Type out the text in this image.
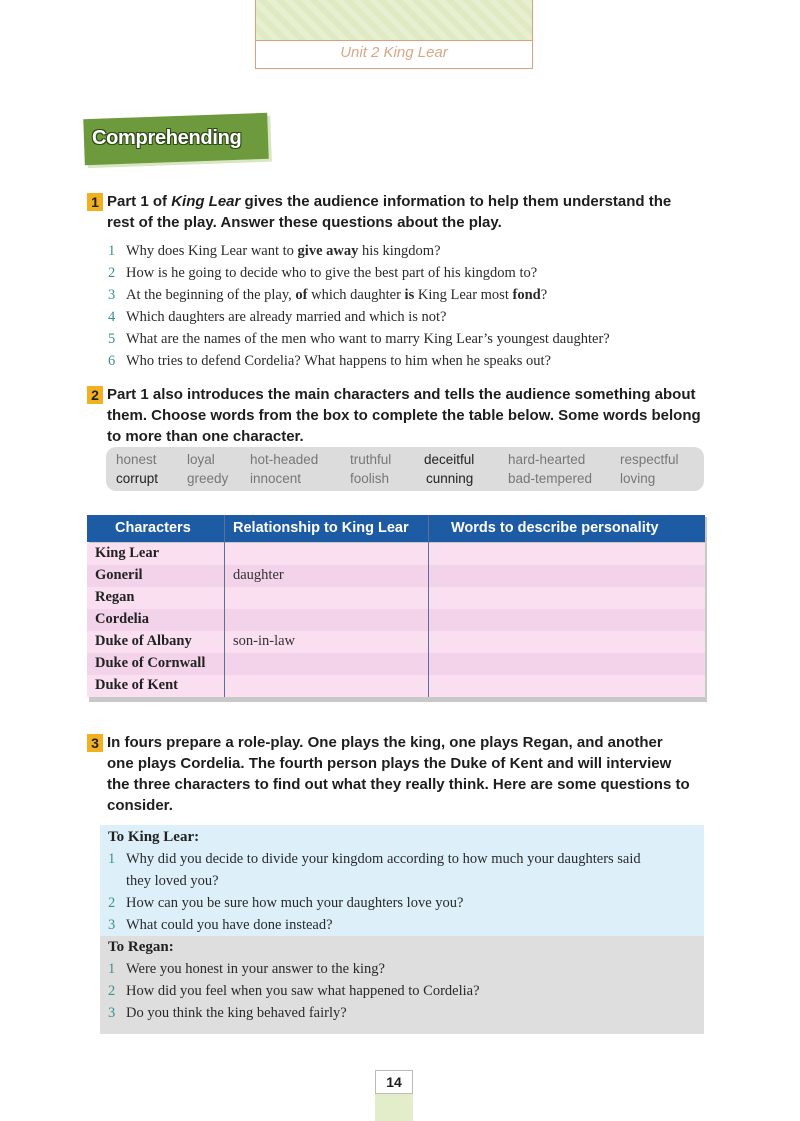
Unit 2 King Lear
Comprehending
1 Part 1 of King Lear gives the audience information to help them understand the
rest of the play. Answer these questions about the play.
1 Why does King Lear want to give away his kingdom?
2 How is he going to decide who to give the best part of his kingdom to?
3 At the beginning of the play, of which daughter is King Lear most fond?
4 Which daughters are already married and which is not?
5 What are the names of the men who want to marry King Lear’s youngest daughter?
6 Who tries to defend Cordelia? What happens to him when he speaks out?
2 Part 1 also introduces the main characters and tells the audience something about
them. Choose words from the box to complete the table below. Some words belong
to more than one character.
honest loyal	hot-headed truthful deceitful hard-hearted	respectful
corrupt greedy innocent	foolish	cunning	bad-tempered loving
Characters	Relationship to King Lear	Words to describe personality
King Lear
Goneril	daughter
Regan
Cordelia
Duke of Albany	son-in-law
Duke of Cornwall
Duke of Kent
3 In fours prepare a role-play. One plays the king, one plays Regan, and another
one plays Cordelia. The fourth person plays the Duke of Kent and will interview
the three characters to find out what they really think. Here are some questions to
consider.
To King Lear:
1 Why did you decide to divide your kingdom according to how much your daughters said
they loved you?
2 How can you be sure how much your daughters love you?
3 What could you have done instead?
To Regan:
1 Were you honest in your answer to the king?
2 How did you feel when you saw what happened to Cordelia?
3 Do you think the king behaved fairly?
14
